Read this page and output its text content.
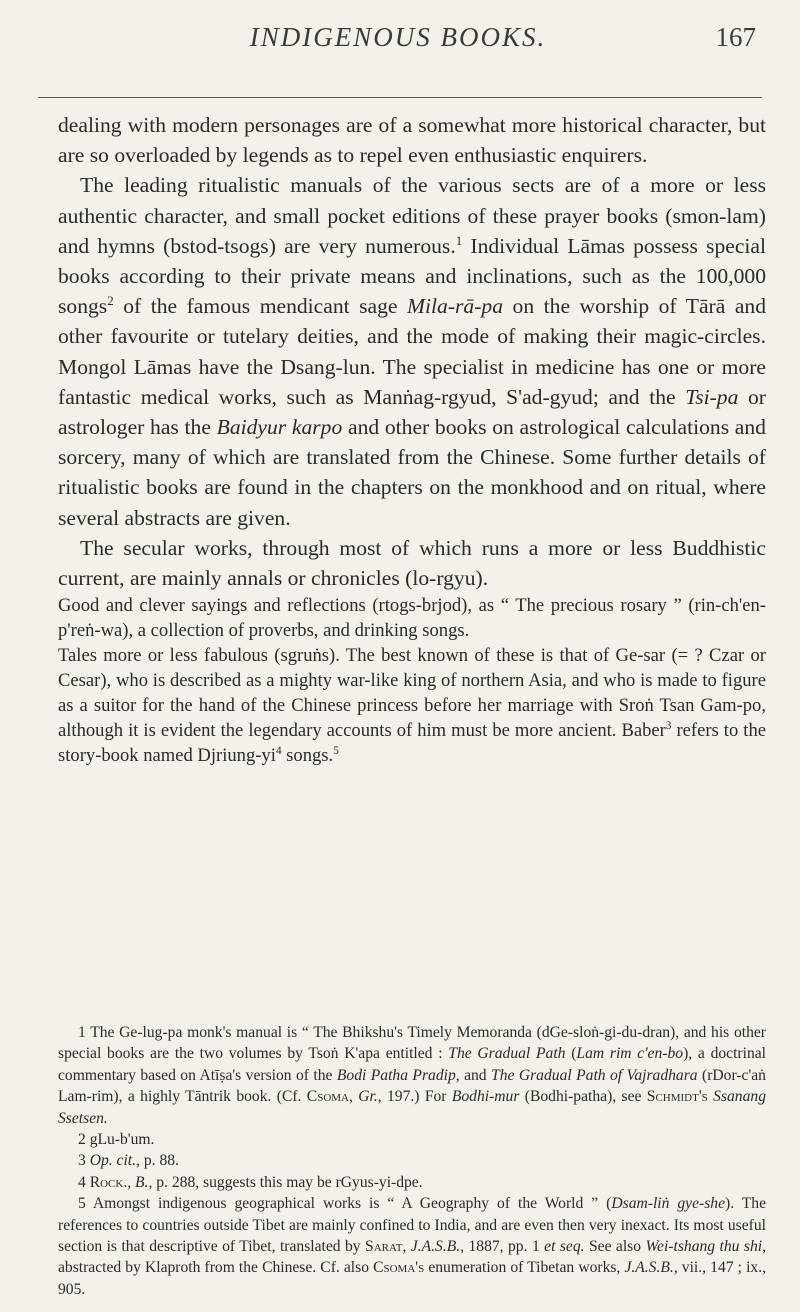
INDIGENOUS BOOKS.	167

dealing with modern personages are of a somewhat more historical character, but are so overloaded by legends as to repel even enthusiastic enquirers.

The leading ritualistic manuals of the various sects are of a more or less authentic character, and small pocket editions of these prayer books (smon-lam) and hymns (bstod-tsogs) are very numerous.$^1$ Individual Lāmas possess special books according to their private means and inclinations, such as the 100,000 songs$^2$ of the famous mendicant sage Mila-rā-pa on the worship of Tārā and other favourite or tutelary deities, and the mode of making their magic-circles. Mongol Lāmas have the Dsang-lun. The specialist in medicine has one or more fantastic medical works, such as Manṅag-rgyud, S'ad-gyud; and the Tsi-pa or astrologer has the Baidyur karpo and other books on astrological calculations and sorcery, many of which are translated from the Chinese. Some further details of ritualistic books are found in the chapters on the monkhood and on ritual, where several abstracts are given.

The secular works, through most of which runs a more or less Buddhistic current, are mainly annals or chronicles (lo-rgyu).

Good and clever sayings and reflections (rtogs-brjod), as “ The precious rosary ” (rin-ch'en-p'reṅ-wa), a collection of proverbs, and drinking songs.

Tales more or less fabulous (sgruṅs). The best known of these is that of Ge-sar (= ? Czar or Cesar), who is described as a mighty war-like king of northern Asia, and who is made to figure as a suitor for the hand of the Chinese princess before her marriage with Sroṅ Tsan Gam-po, although it is evident the legendary accounts of him must be more ancient. Baber$^3$ refers to the story-book named Djriung-$yi^4$ songs.$^5$

1 The Ge-lug-pa monk's manual is “ The Bhikshu's Timely Memoranda (dGe-sloṅ-gi-du-dran), and his other special books are the two volumes by Tsoṅ K'apa entitled : The Gradual Path (Lam rim c'en-bo), a doctrinal commentary based on Atīṣa's version of the Bodi Patha Pradip, and The Gradual Path of Vajradhara (rDor-c'aṅ Lam-rim), a highly Tāntrik book. (Cf. Csoma, Gr., 197.) For Bodhi-mur (Bodhi-patha), see Schmidt's Ssanang Ssetsen.

2 gLu-b'um.

3 Op. cit., p. 88.

4 Rock., B., p. 288, suggests this may be rGyus-yi-dpe.

5 Amongst indigenous geographical works is “ A Geography of the World ” (Dsam-liṅ gye-she). The references to countries outside Tibet are mainly confined to India, and are even then very inexact. Its most useful section is that descriptive of Tibet, translated by Sarat, J.A.S.B., 1887, pp. 1 et seq. See also Wei-tshang thu shi, abstracted by Klaproth from the Chinese. Cf. also Csoma's enumeration of Tibetan works, J.A.S.B., vii., 147 ; ix., 905.
